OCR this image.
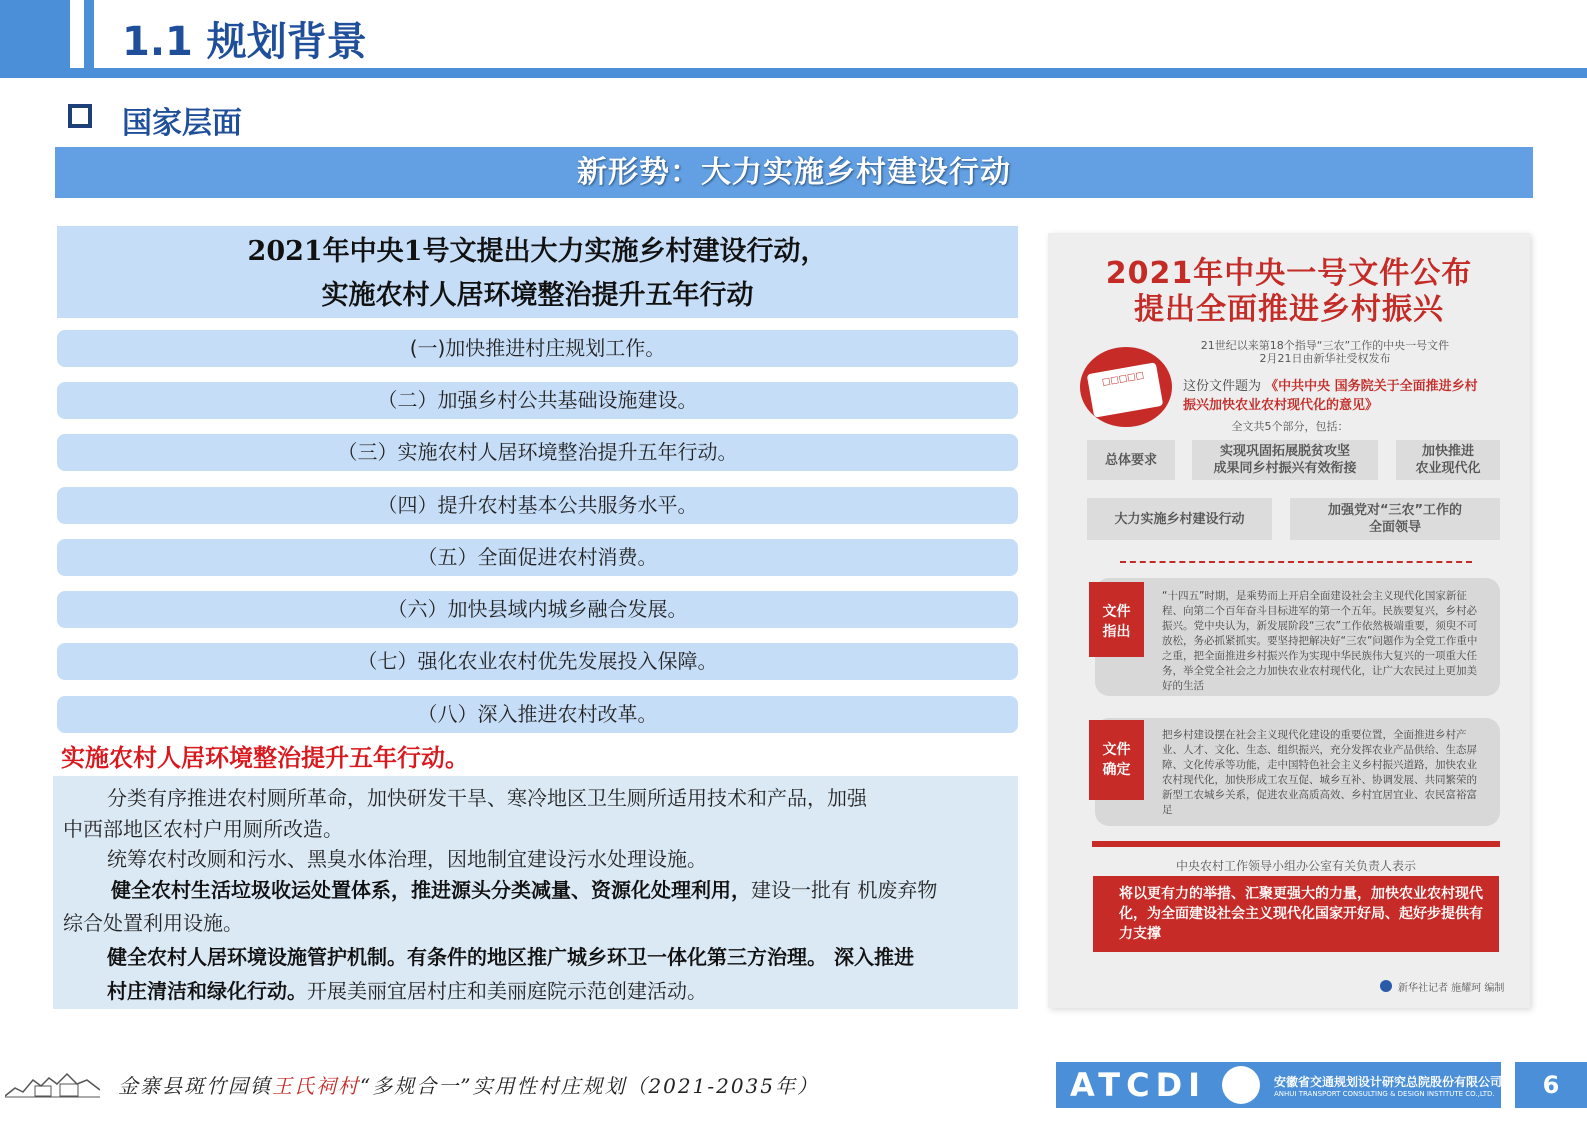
1.1 规划背景
国家层面
新形势：大力实施乡村建设行动
2021年中央1号文提出大力实施乡村建设行动，
实施农村人居环境整治提升五年行动
(一)加快推进村庄规划工作。
（二）加强乡村公共基础设施建设。
（三）实施农村人居环境整治提升五年行动。
（四）提升农村基本公共服务水平。
（五）全面促进农村消费。
（六）加快县域内城乡融合发展。
（七）强化农业农村优先发展投入保障。
（八）深入推进农村改革。
实施农村人居环境整治提升五年行动。
分类有序推进农村厕所革命，加快研发干旱、寒冷地区卫生厕所适用技术和产品，加强
中西部地区农村户用厕所改造。
统筹农村改厕和污水、黑臭水体治理，因地制宜建设污水处理设施。
健全农村生活垃圾收运处置体系，推进源头分类减量、资源化处理利用，建设一批有 机废弃物
综合处置利用设施。
健全农村人居环境设施管护机制。有条件的地区推广城乡环卫一体化第三方治理。 深入推进
村庄清洁和绿化行动。开展美丽宜居村庄和美丽庭院示范创建活动。
2021年中央一号文件公布
提出全面推进乡村振兴
21世纪以来第18个指导“三农”工作的中央一号文件
2月21日由新华社受权发布
□□□□□	这份文件题为 《中共中央 国务院关于全面推进乡村振兴加快农业农村现代化的意见》
全文共5个部分，包括：
总体要求
实现巩固拓展脱贫攻坚
成果同乡村振兴有效衔接
加快推进
农业现代化
大力实施乡村建设行动
加强党对“三农”工作的
全面领导
文件
指出
“十四五”时期，是乘势而上开启全面建设社会主义现代化国家新征程、向第二个百年奋斗目标进军的第一个五年。民族要复兴，乡村必振兴。党中央认为，新发展阶段“三农”工作依然极端重要，须臾不可放松，务必抓紧抓实。要坚持把解决好“三农”问题作为全党工作重中之重，把全面推进乡村振兴作为实现中华民族伟大复兴的一项重大任务，举全党全社会之力加快农业农村现代化，让广大农民过上更加美好的生活
文件
确定
把乡村建设摆在社会主义现代化建设的重要位置，全面推进乡村产业、人才、文化、生态、组织振兴，充分发挥农业产品供给、生态屏障、文化传承等功能，走中国特色社会主义乡村振兴道路，加快农业农村现代化，加快形成工农互促、城乡互补、协调发展、共同繁荣的新型工农城乡关系，促进农业高质高效、乡村宜居宜业、农民富裕富足
中央农村工作领导小组办公室有关负责人表示
将以更有力的举措、汇聚更强大的力量，加快农业农村现代化，为全面建设社会主义现代化国家开好局、起好步提供有力支撑
新华社记者 施耀珂 编制
金寨县斑竹园镇王氏祠村“多规合一”实用性村庄规划（2021-2035年）	ATCDI	安徽省交通规划设计研究总院股份有限公司
ANHUI TRANSPORT CONSULTING & DESIGN INSTITUTE CO.,LTD.	6
